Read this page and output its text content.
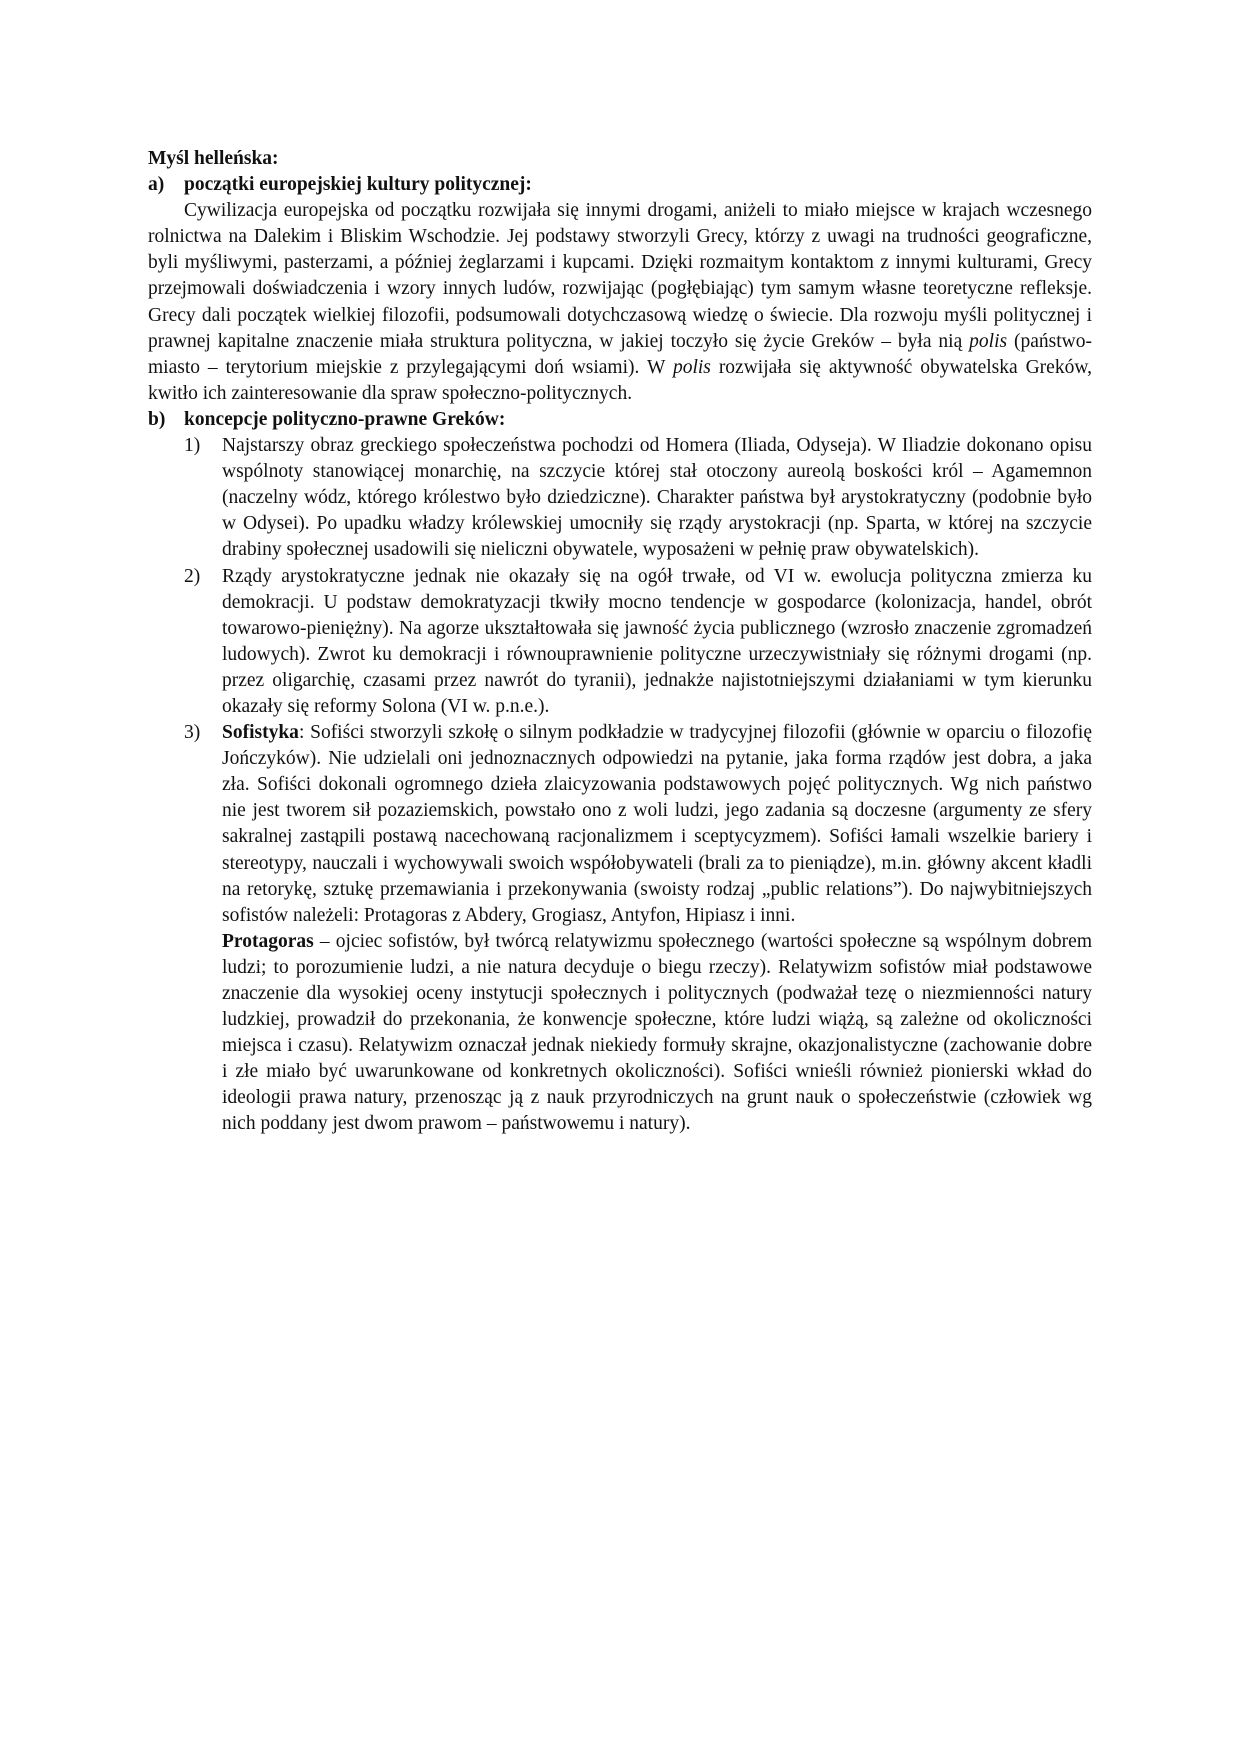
Myśl helleńska:

a)	początki europejskiej kultury politycznej:

Cywilizacja europejska od początku rozwijała się innymi drogami, aniżeli to miało miejsce w krajach wczesnego rolnictwa na Dalekim i Bliskim Wschodzie. Jej podstawy stworzyli Grecy, którzy z uwagi na trudności geograficzne, byli myśliwymi, pasterzami, a później żeglarzami i kupcami. Dzięki rozmaitym kontaktom z innymi kulturami, Grecy przejmowali doświadczenia i wzory innych ludów, rozwijając (pogłębiając) tym samym własne teoretyczne refleksje. Grecy dali początek wielkiej filozofii, podsumowali dotychczasową wiedzę o świecie. Dla rozwoju myśli politycznej i prawnej kapitalne znaczenie miała struktura polityczna, w jakiej toczyło się życie Greków – była nią polis (państwo-miasto – terytorium miejskie z przylegającymi doń wsiami). W polis rozwijała się aktywność obywatelska Greków, kwitło ich zainteresowanie dla spraw społeczno-politycznych.

b) koncepcje polityczno-prawne Greków:
1)	Najstarszy obraz greckiego społeczeństwa pochodzi od Homera (Iliada, Odyseja). W Iliadzie dokonano opisu wspólnoty stanowiącej monarchię, na szczycie której stał otoczony aureolą boskości król – Agamemnon (naczelny wódz, którego królestwo było dziedziczne). Charakter państwa był arystokratyczny (podobnie było w Odysei). Po upadku władzy królewskiej umocniły się rządy arystokracji (np. Sparta, w której na szczycie drabiny społecznej usadowili się nieliczni obywatele, wyposażeni w pełnię praw obywatelskich).
2)	Rządy arystokratyczne jednak nie okazały się na ogół trwałe, od VI w. ewolucja polityczna zmierza ku demokracji. U podstaw demokratyzacji tkwiły mocno tendencje w gospodarce (kolonizacja, handel, obrót towarowo-pieniężny). Na agorze ukształtowała się jawność życia publicznego (wzrosło znaczenie zgromadzeń ludowych). Zwrot ku demokracji i równouprawnienie polityczne urzeczywistniały się różnymi drogami (np. przez oligarchię, czasami przez nawrót do tyranii), jednakże najistotniejszymi działaniami w tym kierunku okazały się reformy Solona (VI w. p.n.e.).
3)	Sofistyka: Sofiści stworzyli szkołę o silnym podkładzie w tradycyjnej filozofii (głównie w oparciu o filozofię Jończyków). Nie udzielali oni jednoznacznych odpowiedzi na pytanie, jaka forma rządów jest dobra, a jaka zła. Sofiści dokonali ogromnego dzieła zlaicyzowania podstawowych pojęć politycznych. Wg nich państwo nie jest tworem sił pozaziemskich, powstało ono z woli ludzi, jego zadania są doczesne (argumenty ze sfery sakralnej zastąpili postawą nacechowaną racjonalizmem i sceptycyzmem). Sofiści łamali wszelkie bariery i stereotypy, nauczali i wychowywali swoich współobywateli (brali za to pieniądze), m.in. główny akcent kładli na retorykę, sztukę przemawiania i przekonywania (swoisty rodzaj „public relations”). Do najwybitniejszych sofistów należeli: Protagoras z Abdery, Grogiasz, Antyfon, Hipiasz i inni.

Protagoras – ojciec sofistów, był twórcą relatywizmu społecznego (wartości społeczne są wspólnym dobrem ludzi; to porozumienie ludzi, a nie natura decyduje o biegu rzeczy). Relatywizm sofistów miał podstawowe znaczenie dla wysokiej oceny instytucji społecznych i politycznych (podważał tezę o niezmienności natury ludzkiej, prowadził do przekonania, że konwencje społeczne, które ludzi wiążą, są zależne od okoliczności miejsca i czasu). Relatywizm oznaczał jednak niekiedy formuły skrajne, okazjonalistyczne (zachowanie dobre i złe miało być uwarunkowane od konkretnych okoliczności). Sofiści wnieśli również pionierski wkład do ideologii prawa natury, przenosząc ją z nauk przyrodniczych na grunt nauk o społeczeństwie (człowiek wg nich poddany jest dwom prawom – państwowemu i natury).
